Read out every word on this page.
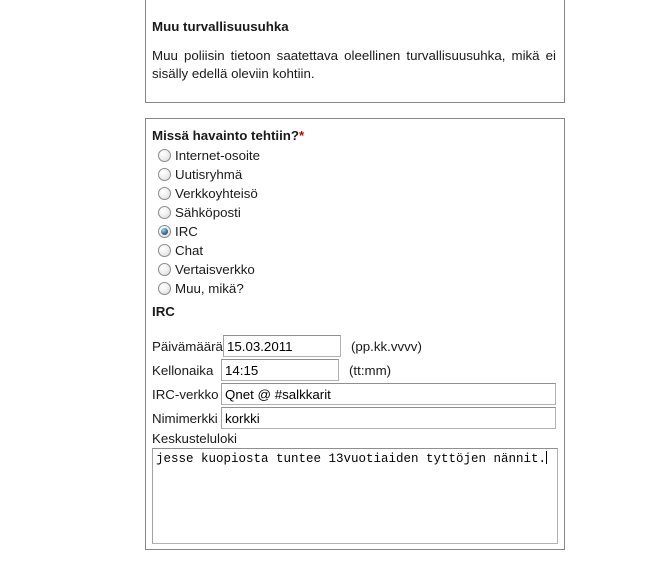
Muu turvallisuusuhka

Muu poliisin tietoon saatettava oleellinen turvallisuusuhka, mikä ei sisälly edellä oleviin kohtiin.

Missä havainto tehtiin?*

Internet-osoite
Uutisryhmä
Verkkoyhteisö
Sähköposti
IRC
Chat
Vertaisverkko
Muu, mikä?

IRC

Päivämäärä
15.03.2011	(pp.kk.vvvv)
Kellonaika
14:15	(tt:mm)
IRC-verkko
Qnet @ #salkkarit
Nimimerkki
korkki
Keskusteluloki
jesse kuopiosta tuntee 13vuotiaiden tyttöjen nännit.
